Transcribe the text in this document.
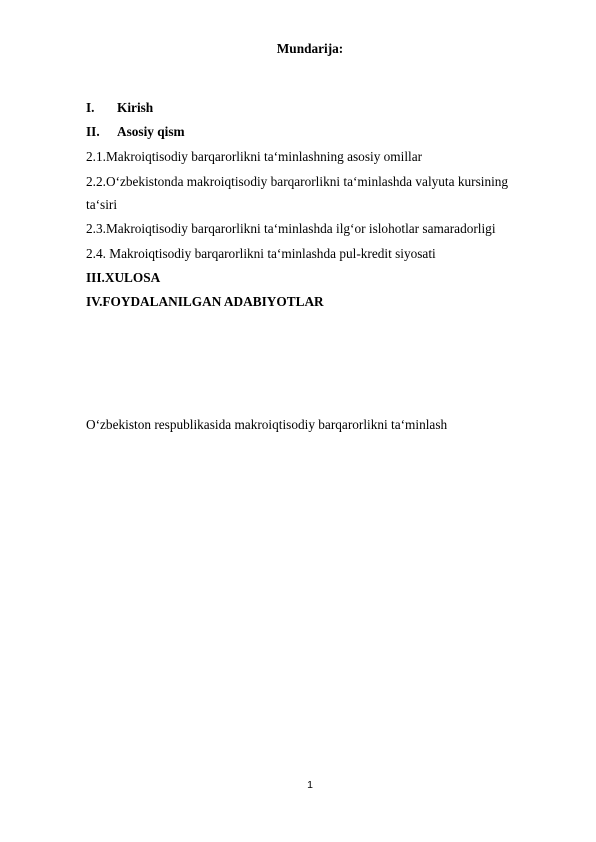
Mundarija:
I. Kirish
II. Asosiy qism
2.1.Makroiqtisodiy barqarorlikni ta‘minlashning asosiy omillar
2.2.O‘zbekistonda makroiqtisodiy barqarorlikni ta‘minlashda valyuta kursining
ta‘siri
2.3.Makroiqtisodiy barqarorlikni ta‘minlashda ilg‘or islohotlar samaradorligi
2.4. Makroiqtisodiy barqarorlikni ta‘minlashda pul-kredit siyosati
III.XULOSA
IV.FOYDALANILGAN ADABIYOTLAR
O‘zbekiston respublikasida makroiqtisodiy barqarorlikni ta‘minlash
1
